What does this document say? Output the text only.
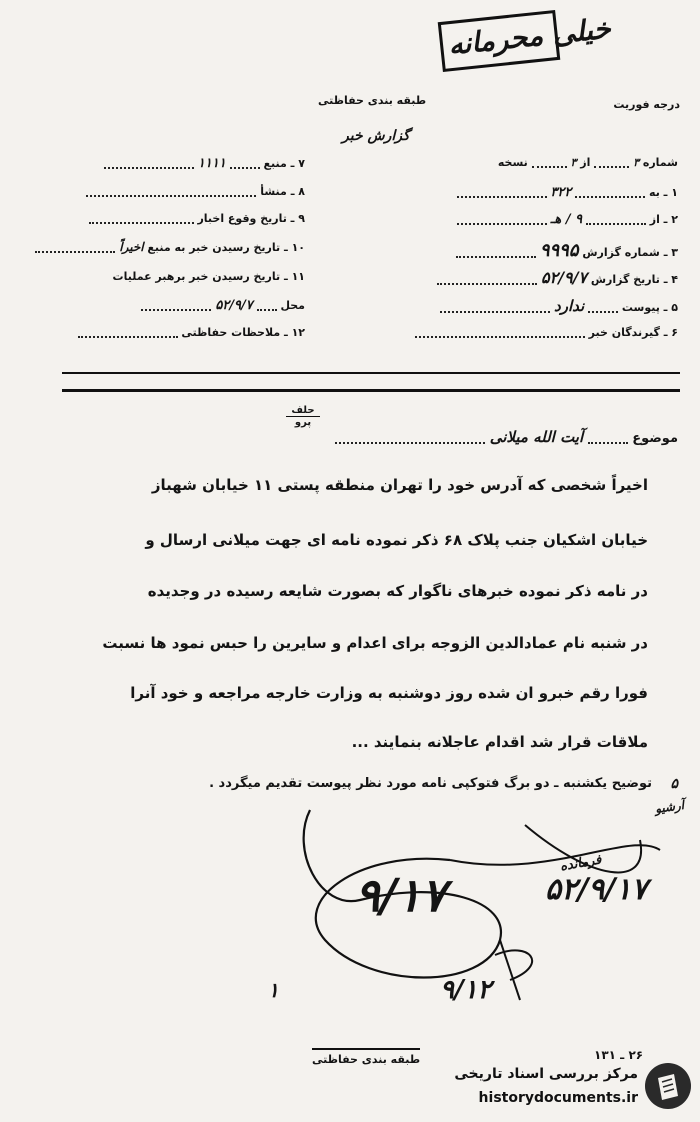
خیلی محرمانه
درجه فوریت
طبقه بندی حفاظتی
گزارش خبر
۷ ـ منبع  ۱۱۱۱
۸ ـ منشأ
۹ ـ تاریخ وقوع اخبار
۱۰ ـ تاریخ رسیدن خبر به منبع اخیراً
۱۱ ـ تاریخ رسیدن خبر برهبر عملیات
محل  ۵۲/۹/۷
۱۲ ـ ملاحظات حفاظتی
شماره ۳  از ۳  نسخه
۱ ـ به  ۳۲۲
۲ ـ از  ۹ / هـ
۳ ـ شماره گزارش ۹۹۹۵
۴ ـ تاریخ گزارش ۵۲/۹/۷
۵ ـ پیوست  ندارد
۶ ـ گیرندگان خبر
حلف
پرو
موضوع  آیت الله میلانی
اخیراً شخصی که آدرس خود را تهران منطقه پستی ۱۱ خیابان شهباز
خیابان اشکیان جنب پلاک ۶۸ ذکر نموده نامه ای جهت میلانی ارسال و
در نامه ذکر نموده خبرهای ناگوار که بصورت شایعه رسیده در وجدیده
در شنبه نام عمادالدین الزوجه برای اعدام و سایرین را حبس نمود ها نسبت
فورا رقم خبرو ان شده روز دوشنبه به وزارت خارجه مراجعه و خود آنرا
ملاقات قرار شد اقدام عاجلانه بنمایند ...
توضیح یکشنبه ـ دو برگ فتوکپی نامه مورد نظر پیوست تقدیم میگردد .	۵
آرشیو
۹/۱۷
فرمانده
۵۲/۹/۱۷
۹/۱۲
۱
۲۶ ـ ۱۳۱
طبقه بندی حفاظتی
مرکز بررسی اسناد تاریخی
historydocuments.ir
